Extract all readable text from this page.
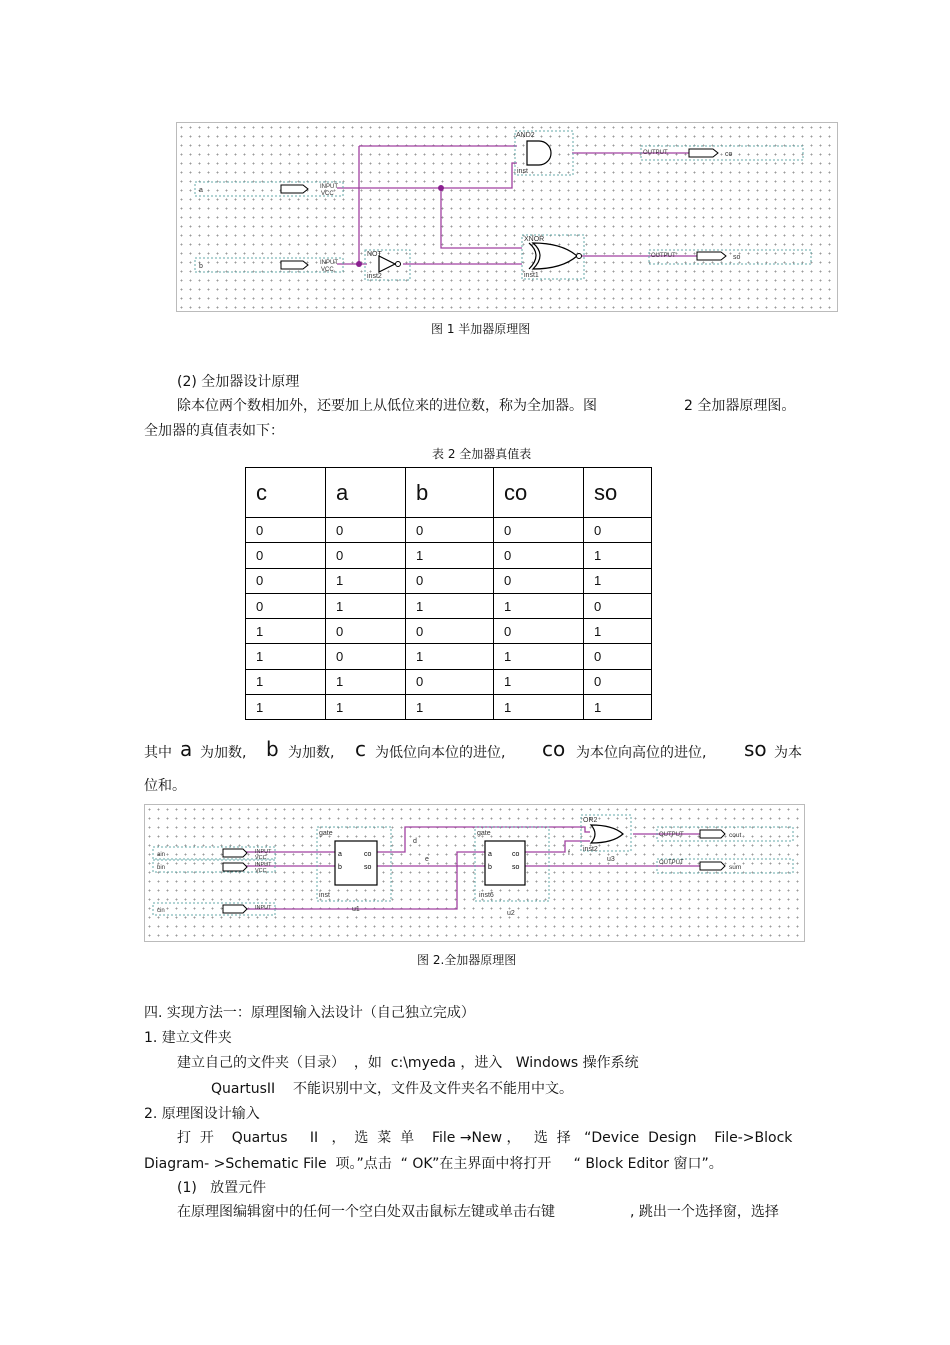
AND2
inst
NOT
inst2
XNOR
inst1
a	INPUT
VCC
b	INPUT
VCC
OUTPUT	co
OUTPUT	so
图 1 半加器原理图
(2) 全加器设计原理
除本位两个数相加外，还要加上从低位来的进位数，称为全加器。图	2 全加器原理图。
全加器的真值表如下：
表 2 全加器真值表
c	a	b	co	so
0	0	0	0	0
0	0	1	0	1
0	1	0	0	1
0	1	1	1	0
1	0	0	0	1
1	0	1	1	0
1	1	0	1	0
1	1	1	1	1
其中 a 为加数, b 为加数, c 为低位向本位的进位, co 为本位向高位的进位, so 为本
位和。
gate
a
b
co
so
inst
u1
gate
a
b
co
so
inst6
u2
d
e
f
OR2
inst2
u3
ain	INPUT
VCC
bin	INPUT
VCC
cin	INPUT
OUTPUT	cout
OUTPUT
sum
图 2.全加器原理图
四. 实现方法一：原理图输入法设计（自己独立完成）
1. 建立文件夹
建立自己的文件夹（目录）  ，如  c:\myeda ，进入   Windows 操作系统
QuartusII    不能识别中文，文件及文件夹名不能用中文。
2. 原理图设计输入
打  开    Quartus     II   ，  选  菜  单    File →New ，   选  择   “Device  Design    File->Block
Diagram- >Schematic File  项。”点击  “ OK”在主界面中将打开     “ Block Editor 窗口”。
(1)   放置元件
在原理图编辑窗中的任何一个空白处双击鼠标左键或单击右键	, 跳出一个选择窗，选择
